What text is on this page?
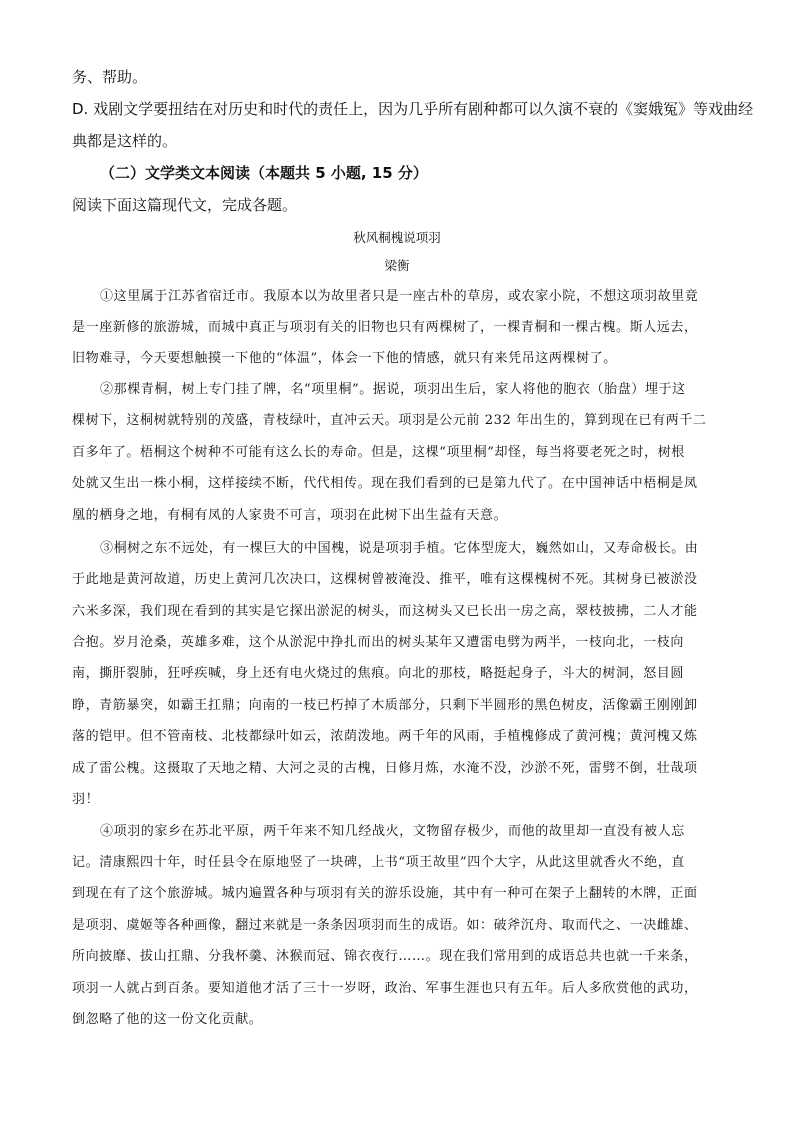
务、帮助。
D. 戏剧文学要扭结在对历史和时代的责任上，因为几乎所有剧种都可以久演不衰的《窦娥冤》等戏曲经
典都是这样的。
（二）文学类文本阅读（本题共 5 小题, 15 分）
阅读下面这篇现代文，完成各题。
秋风桐槐说项羽
梁衡
①这里属于江苏省宿迁市。我原本以为故里者只是一座古朴的草房，或农家小院，不想这项羽故里竟
是一座新修的旅游城，而城中真正与项羽有关的旧物也只有两棵树了，一棵青桐和一棵古槐。斯人远去，
旧物难寻，今天要想触摸一下他的“体温”，体会一下他的情感，就只有来凭吊这两棵树了。
②那棵青桐，树上专门挂了牌，名“项里桐”。据说，项羽出生后，家人将他的胞衣（胎盘）埋于这
棵树下，这桐树就特别的茂盛，青枝绿叶，直冲云天。项羽是公元前 232 年出生的，算到现在已有两千二
百多年了。梧桐这个树种不可能有这么长的寿命。但是，这棵“项里桐”却怪，每当将要老死之时，树根
处就又生出一株小桐，这样接续不断，代代相传。现在我们看到的已是第九代了。在中国神话中梧桐是凤
凰的栖身之地，有桐有凤的人家贵不可言，项羽在此树下出生益有天意。
③桐树之东不远处，有一棵巨大的中国槐，说是项羽手植。它体型庞大，巍然如山，又寿命极长。由
于此地是黄河故道，历史上黄河几次决口，这棵树曾被淹没、推平，唯有这棵槐树不死。其树身已被淤没
六米多深，我们现在看到的其实是它探出淤泥的树头，而这树头又已长出一房之高，翠枝披拂，二人才能
合抱。岁月沧桑，英雄多难，这个从淤泥中挣扎而出的树头某年又遭雷电劈为两半，一枝向北，一枝向
南，撕肝裂肺，狂呼疾喊，身上还有电火烧过的焦痕。向北的那枝，略挺起身子，斗大的树洞，怒目圆
睁，青筋暴突，如霸王扛鼎；向南的一枝已朽掉了木质部分，只剩下半圆形的黑色树皮，活像霸王刚刚卸
落的铠甲。但不管南枝、北枝都绿叶如云，浓荫泼地。两千年的风雨，手植槐修成了黄河槐；黄河槐又炼
成了雷公槐。这摄取了天地之精、大河之灵的古槐，日修月炼，水淹不没，沙淤不死，雷劈不倒，壮哉项
羽！
④项羽的家乡在苏北平原，两千年来不知几经战火，文物留存极少，而他的故里却一直没有被人忘
记。清康熙四十年，时任县令在原地竖了一块碑，上书“项王故里”四个大字，从此这里就香火不绝，直
到现在有了这个旅游城。城内遍置各种与项羽有关的游乐设施，其中有一种可在架子上翻转的木牌，正面
是项羽、虞姬等各种画像，翻过来就是一条条因项羽而生的成语。如：破斧沉舟、取而代之、一决雌雄、
所向披靡、拔山扛鼎、分我杯羹、沐猴而冠、锦衣夜行……。现在我们常用到的成语总共也就一千来条，
项羽一人就占到百条。要知道他才活了三十一岁呀，政治、军事生涯也只有五年。后人多欣赏他的武功，
倒忽略了他的这一份文化贡献。
